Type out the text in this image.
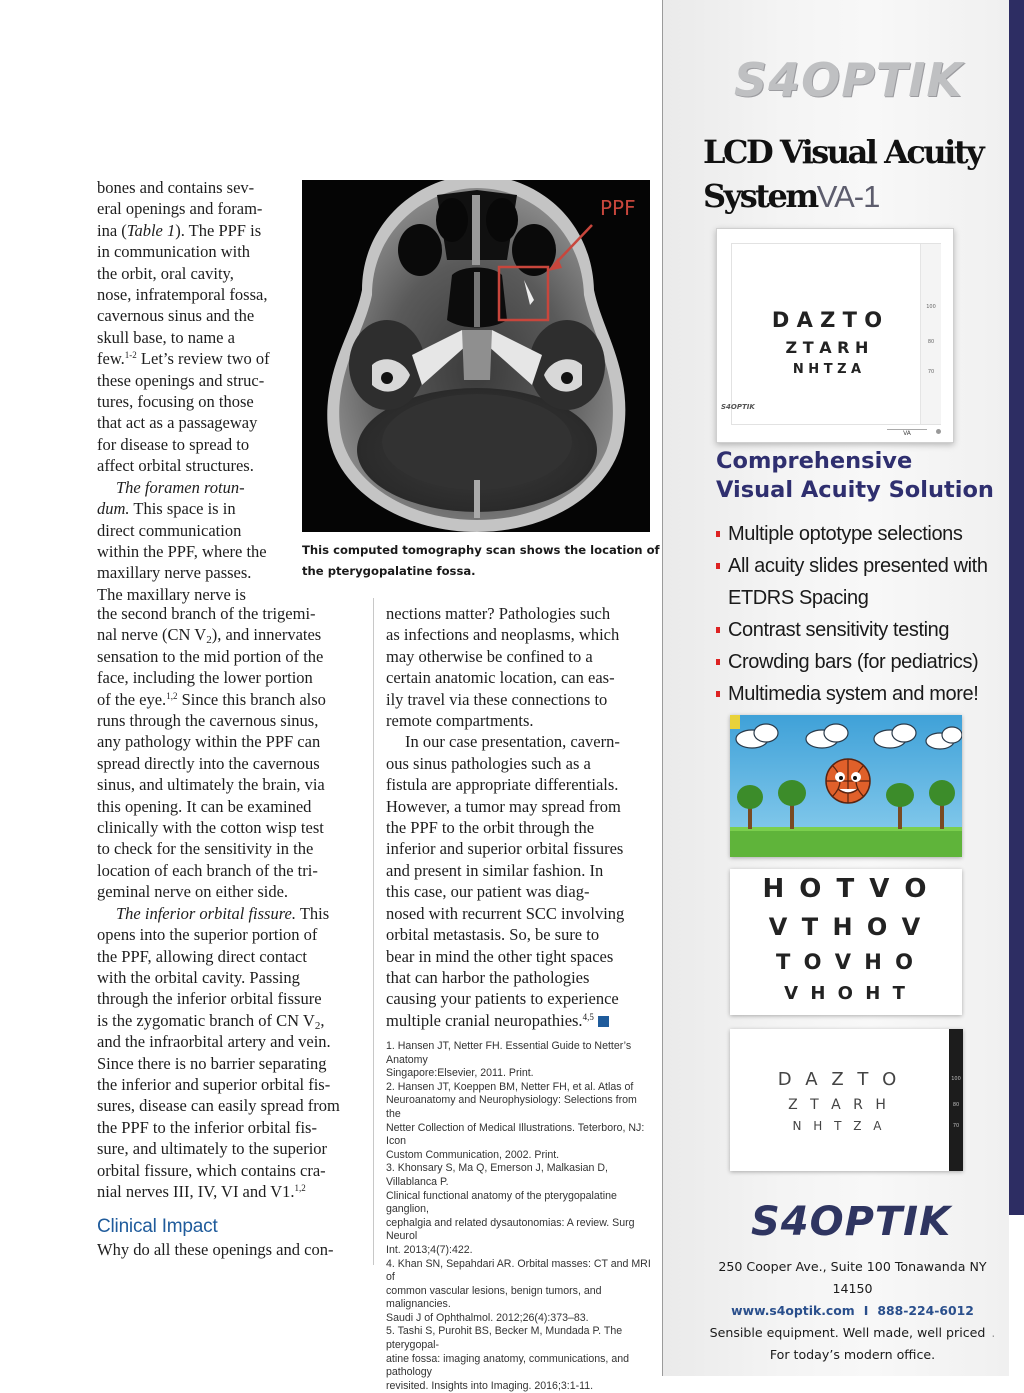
bones and contains sev-

eral openings and foram-

ina (Table 1). The PPF is

in communication with

the orbit, oral cavity,

nose, infratemporal fossa,

cavernous sinus and the

skull base, to name a

few.$^{1-2}$ Let’s review two of

these openings and struc-

tures, focusing on those

that act as a passageway

for disease to spread to

affect orbital structures.

The foramen rotun-

dum. This space is in

direct communication

within the PPF, where the

maxillary nerve passes.

The maxillary nerve is

PPF
This computed tomography scan shows the location of
the pterygopalatine fossa.

the second branch of the trigemi-

nal nerve (CN $V_2$), and innervates

sensation to the mid portion of the

face, including the lower portion

of the eye.$^{1,2}$ Since this branch also

runs through the cavernous sinus,

any pathology within the PPF can

spread directly into the cavernous

sinus, and ultimately the brain, via

this opening. It can be examined

clinically with the cotton wisp test

to check for the sensitivity in the

location of each branch of the tri-

geminal nerve on either side.

The inferior orbital fissure. This

opens into the superior portion of

the PPF, allowing direct contact

with the orbital cavity. Passing

through the inferior orbital fissure

is the zygomatic branch of CN $V_2$,

and the infraorbital artery and vein.

Since there is no barrier separating

the inferior and superior orbital fis-

sures, disease can easily spread from

the PPF to the inferior orbital fis-

sure, and ultimately to the superior

orbital fissure, which contains cra-

nial nerves III, IV, VI and V1.$^{1,2}$

Clinical Impact

Why do all these openings and con-

nections matter? Pathologies such

as infections and neoplasms, which

may otherwise be confined to a

certain anatomic location, can eas-

ily travel via these connections to

remote compartments.

In our case presentation, cavern-

ous sinus pathologies such as a

fistula are appropriate differentials.

However, a tumor may spread from

the PPF to the orbit through the

inferior and superior orbital fissures

and present in similar fashion. In

this case, our patient was diag-

nosed with recurrent SCC involving

orbital metastasis. So, be sure to

bear in mind the other tight spaces

that can harbor the pathologies

causing your patients to experience

multiple cranial neuropathies.$^{4,5}$

1. Hansen JT, Netter FH. Essential Guide to Netter’s Anatomy
Singapore:Elsevier, 2011. Print.
2. Hansen JT, Koeppen BM, Netter FH, et al. Atlas of
Neuroanatomy and Neurophysiology: Selections from the
Netter Collection of Medical Illustrations. Teterboro, NJ: Icon
Custom Communication, 2002. Print.
3. Khonsary S, Ma Q, Emerson J, Malkasian D, Villablanca P.
Clinical functional anatomy of the pterygopalatine ganglion,
cephalgia and related dysautonomias: A review. Surg Neurol
Int. 2013;4(7):422.
4. Khan SN, Sepahdari AR. Orbital masses: CT and MRI of
common vascular lesions, benign tumors, and malignancies.
Saudi J of Ophthalmol. 2012;26(4):373–83.
5. Tashi S, Purohit BS, Becker M, Mundada P. The pterygopal-
atine fossa: imaging anatomy, communications, and pathology
revisited. Insights into Imaging. 2016;3:1-11.
S4OPTIK
LCD Visual Acuity
SystemVA-1
D A Z T O
Z T A R H
N H T Z A
100
80
70
S4OPTIK
VA
Comprehensive
Visual Acuity Solution
Multiple optotype selections
All acuity slides presented with
ETDRS Spacing
Contrast sensitivity testing
Crowding bars (for pediatrics)
Multimedia system and more!
H O T V O
V T H O V
T O V H O
V H O H T
D A Z T O
Z T A R H
N H T Z A
100
80
70
S4OPTIK
250 Cooper Ave., Suite 100 Tonawanda NY 14150
www.s4optik.com I 888-224-6012
Sensible equipment. Well made, well priced .
For today’s modern office.
